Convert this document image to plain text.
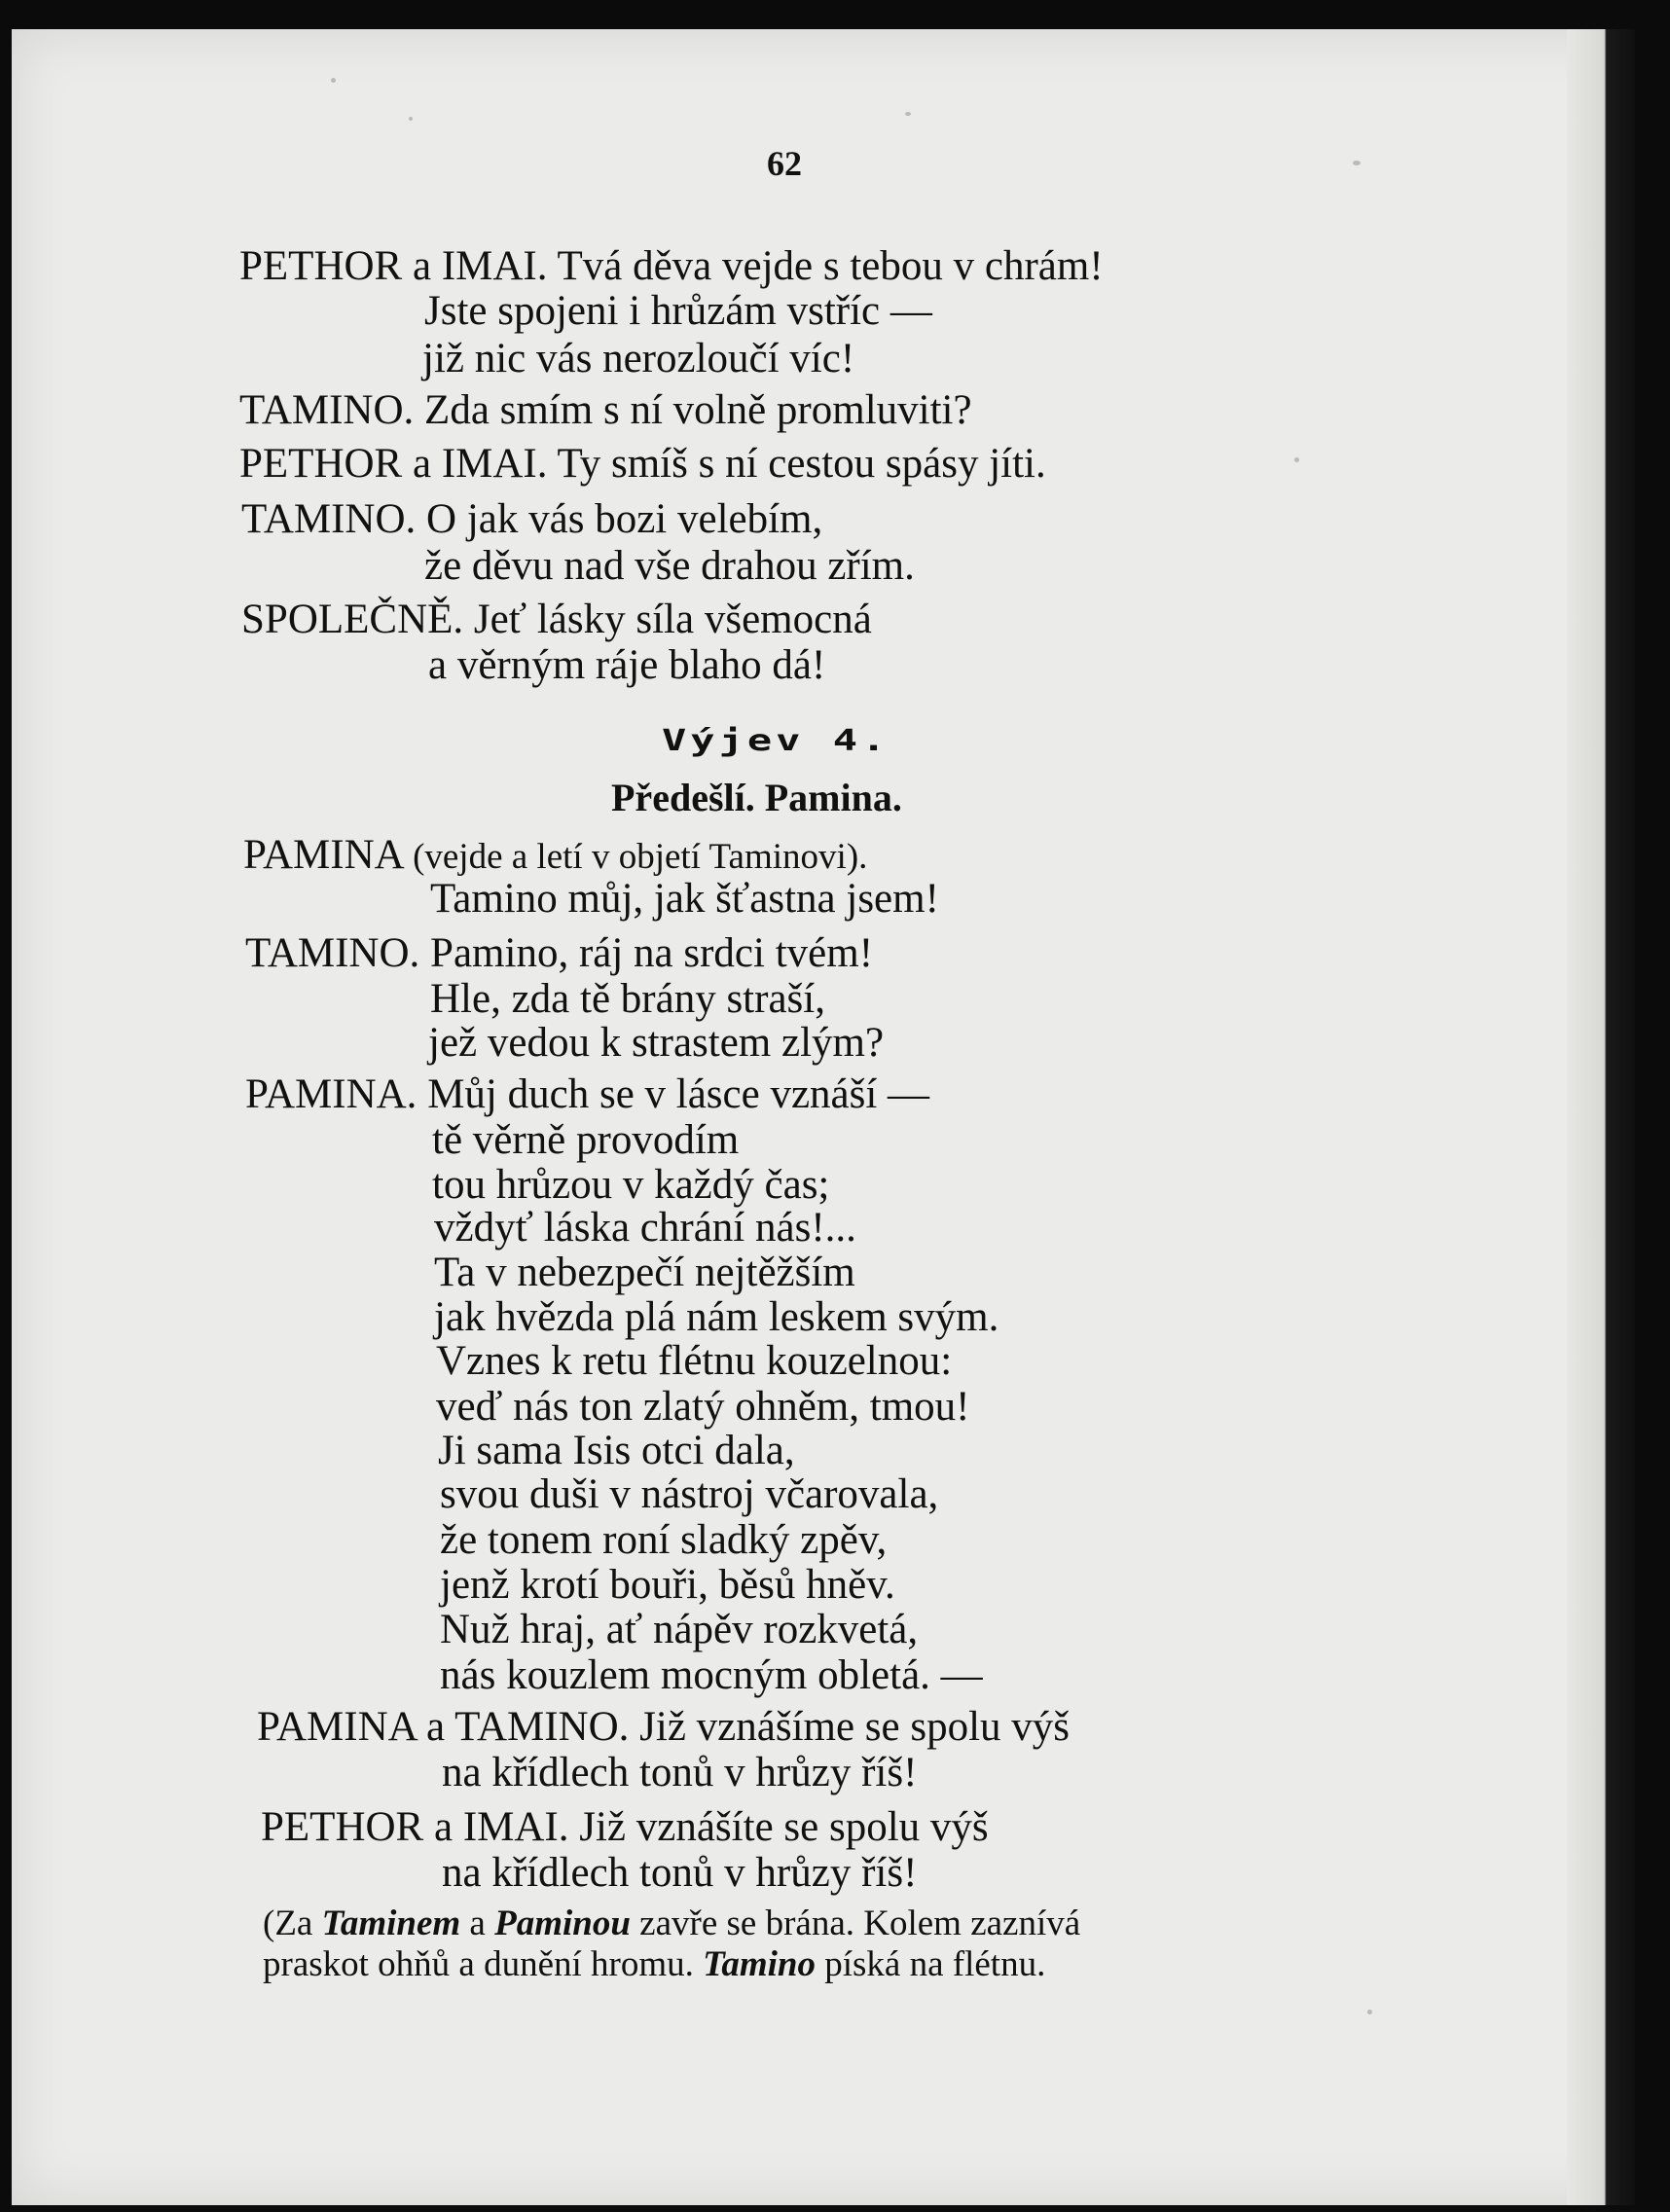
62
PETHOR a IMAI. Tvá děva vejde s tebou v chrám!
Jste spojeni i hrůzám vstříc —
již nic vás nerozloučí víc!
TAMINO. Zda smím s ní volně promluviti?
PETHOR a IMAI. Ty smíš s ní cestou spásy jíti.
TAMINO. O jak vás bozi velebím,
že děvu nad vše drahou zřím.
SPOLEČNĚ. Jeť lásky síla všemocná
a věrným ráje blaho dá!
Výjev 4.
Předešlí. Pamina.
PAMINA (vejde a letí v objetí Taminovi).
Tamino můj, jak šťastna jsem!
TAMINO. Pamino, ráj na srdci tvém!
Hle, zda tě brány straší,
jež vedou k strastem zlým?
PAMINA. Můj duch se v lásce vznáší —
tě věrně provodím
tou hrůzou v každý čas;
vždyť láska chrání nás!...
Ta v nebezpečí nejtěžším
jak hvězda plá nám leskem svým.
Vznes k retu flétnu kouzelnou:
veď nás ton zlatý ohněm, tmou!
Ji sama Isis otci dala,
svou duši v nástroj včarovala,
že tonem roní sladký zpěv,
jenž krotí bouři, běsů hněv.
Nuž hraj, ať nápěv rozkvetá,
nás kouzlem mocným obletá. —
PAMINA a TAMINO. Již vznášíme se spolu výš
na křídlech tonů v hrůzy říš!
PETHOR a IMAI. Již vznášíte se spolu výš
na křídlech tonů v hrůzy říš!
(Za Taminem a Paminou zavře se brána. Kolem zaznívá
praskot ohňů a dunění hromu. Tamino píská na flétnu.
